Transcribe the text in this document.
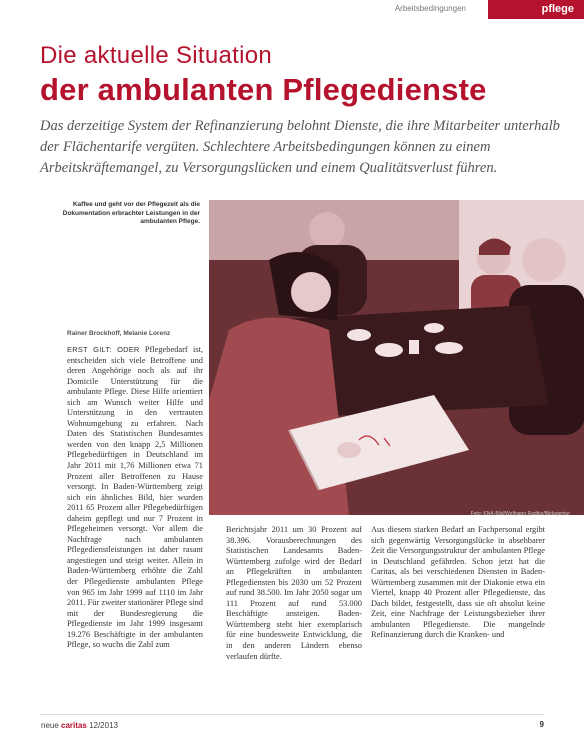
Arbeitsbedingungen	pflege
Die aktuelle Situation
der ambulanten Pflegedienste
Das derzeitige System der Refinanzierung belohnt Dienste, die ihre Mitarbeiter unterhalb der Flächentarife vergüten. Schlechtere Arbeitsbedingungen können zu einem Arbeitskräftemangel, zu Versorgungslücken und einem Qualitätsverlust führen.
Kaffee und geht vor der Pflegezeit als die Dokumentation erbrachter Leistungen in der ambulanten Pflege.
Foto: KNA-Bild/Wolfgang Radtke/Bildagentur
Rainer Brockhoff, Melanie Lorenz
ERST GILT: ODER Pflegebedarf ist, entscheiden sich viele Betroffene und deren Angehörige noch als auf ihr Domicile Unterstützung für die ambulante Pflege. Diese Hilfe orientiert sich am Wunsch weiter Hilfe und Unterstützung in den vertrauten Wohnumgebung zu erfahren. Nach Daten des Statistischen Bundesamtes werden von den knapp 2,5 Millionen Pflegebedürftigen in Deutschland im Jahr 2011 mit 1,76 Millionen etwa 71 Prozent aller Betroffenen zu Hause versorgt. In Baden-Württemberg zeigt sich ein ähnliches Bild, hier wurden 2011 65 Prozent aller Pflegebedürftigen daheim gepflegt und nur 7 Prozent in Pflegeheimen versorgt. Vor allem die Nachfrage nach ambulanten Pflegedienstleistungen ist daher rasant angestiegen und steigt weiter. Allein in Baden-Württemberg erhöhte die Zahl der Pflegedienste ambulanten Pflege von 965 im Jahr 1999 auf 1110 im Jahr 2011. Für zweiter stationärer Pflege sind mit der Bundesregierung die Pflegedienste im Jahr 1999 insgesamt 19.276 Beschäftigte in der ambulanten Pflege, so wuchs die Zahl zum
Berichtsjahr 2011 um 30 Prozent auf 38.396. Vorausberechnungen des Statistischen Landesamts Baden-Württemberg zufolge wird der Bedarf an Pflegekräften in ambulanten Pflegediensten bis 2030 um 52 Prozent auf rund 38.500. Im Jahr 2050 sogar um 111 Prozent auf rund 53.000 Beschäftigte ansteigen. Baden-Württemberg steht hier exemplarisch für eine bundesweite Entwicklung, die in den anderen Ländern ebenso verlaufen dürfte.
Aus diesem starken Bedarf an Fachpersonal ergibt sich gegenwärtig Versorgungslücke in absehbarer Zeit die Versorgungsstruktur der ambulanten Pflege in Deutschland gefährden. Schon jetzt hat die Caritas, als bei verschiedenen Diensten in Baden-Württemberg zusammen mit der Diakonie etwa ein Viertel, knapp 40 Prozent aller Pflegedienste, das Dach bildet, festgestellt, dass sie oft absolut keine Zeit, eine Nachfrage der Leistungsbezieher ihrer ambulanten Pflegedienste. Die mangelnde Refinanzierung durch die Kranken- und
neue caritas 12/2013	9
